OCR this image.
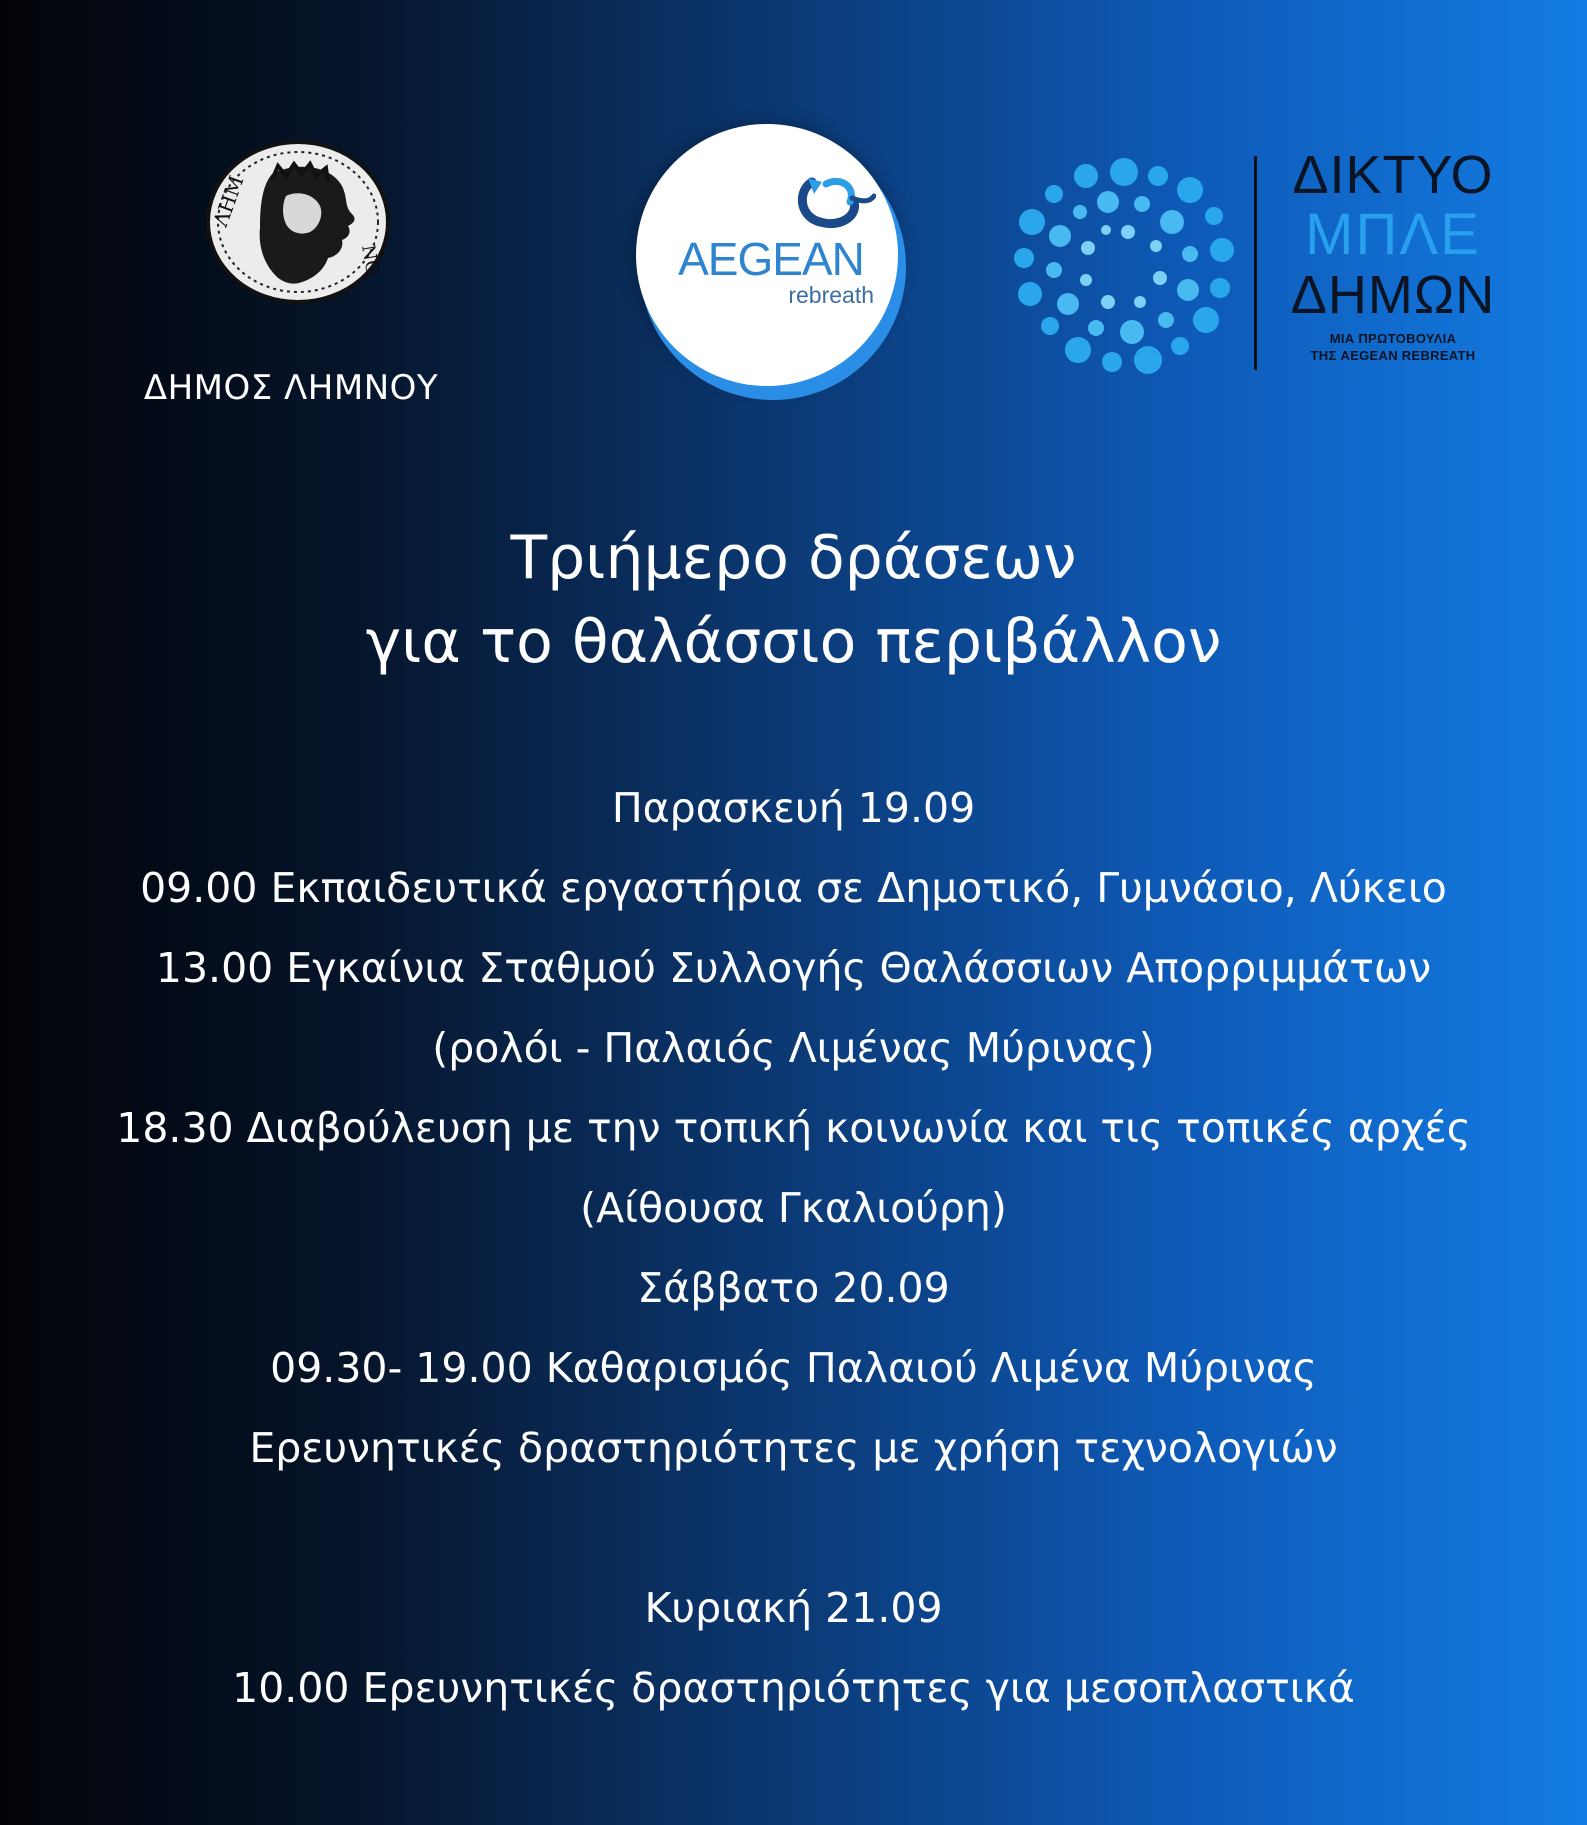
ΛΗΜ
ΝΟ
ΔΗΜΟΣ ΛΗΜΝΟΥ
AEGEAN
rebreath
ΔΙΚΤΥΟ
ΜΠΛΕ
ΔΗΜΩΝ
ΜΙΑ ΠΡΩΤΟΒΟΥΛΙΑ
ΤΗΣ AEGEAN REBREATH
Τριήμερο δράσεων
για το θαλάσσιο περιβάλλον
Παρασκευή 19.09
09.00 Εκπαιδευτικά εργαστήρια σε Δημοτικό, Γυμνάσιο, Λύκειο
13.00 Εγκαίνια Σταθμού Συλλογής Θαλάσσιων Απορριμμάτων
(ρολόι - Παλαιός Λιμένας Μύρινας)
18.30 Διαβούλευση με την τοπική κοινωνία και τις τοπικές αρχές
(Αίθουσα Γκαλιούρη)
Σάββατο 20.09
09.30- 19.00 Καθαρισμός Παλαιού Λιμένα Μύρινας
Ερευνητικές δραστηριότητες με χρήση τεχνολογιών
Κυριακή 21.09
10.00 Ερευνητικές δραστηριότητες για μεσοπλαστικά
